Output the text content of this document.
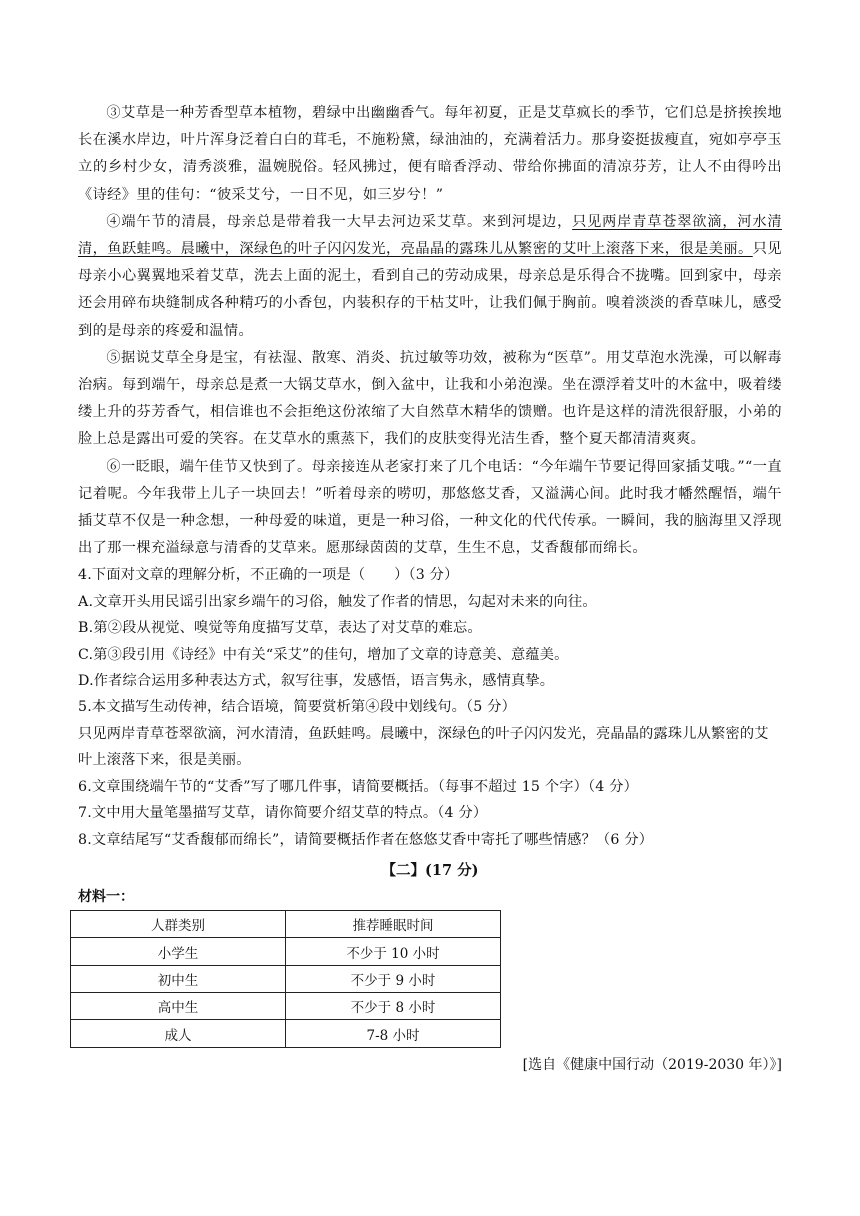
③艾草是一种芳香型草本植物，碧绿中出幽幽香气。每年初夏，正是艾草疯长的季节，它们总是挤挨挨地长在溪水岸边，叶片浑身泛着白白的茸毛，不施粉黛，绿油油的，充满着活力。那身姿挺拔瘦直，宛如亭亭玉立的乡村少女，清秀淡雅，温婉脱俗。轻风拂过，便有暗香浮动、带给你拂面的清凉芬芳，让人不由得吟出《诗经》里的佳句：“彼采艾兮，一日不见，如三岁兮！”

④端午节的清晨，母亲总是带着我一大早去河边采艾草。来到河堤边，只见两岸青草苍翠欲滴，河水清清，鱼跃蛙鸣。晨曦中，深绿色的叶子闪闪发光，亮晶晶的露珠儿从繁密的艾叶上滚落下来，很是美丽。只见母亲小心翼翼地采着艾草，洗去上面的泥土，看到自己的劳动成果，母亲总是乐得合不拢嘴。回到家中，母亲还会用碎布块缝制成各种精巧的小香包，内装积存的干枯艾叶，让我们佩于胸前。嗅着淡淡的香草味儿，感受到的是母亲的疼爱和温情。

⑤据说艾草全身是宝，有祛湿、散寒、消炎、抗过敏等功效，被称为“医草”。用艾草泡水洗澡，可以解毒治病。每到端午，母亲总是煮一大锅艾草水，倒入盆中，让我和小弟泡澡。坐在漂浮着艾叶的木盆中，吸着缕缕上升的芬芳香气，相信谁也不会拒绝这份浓缩了大自然草木精华的馈赠。也许是这样的清洗很舒服，小弟的脸上总是露出可爱的笑容。在艾草水的熏蒸下，我们的皮肤变得光洁生香，整个夏天都清清爽爽。

⑥一眨眼，端午佳节又快到了。母亲接连从老家打来了几个电话：“今年端午节要记得回家插艾哦。”“一直记着呢。今年我带上儿子一块回去！”听着母亲的唠叨，那悠悠艾香，又溢满心间。此时我才幡然醒悟，端午插艾草不仅是一种念想，一种母爱的味道，更是一种习俗，一种文化的代代传承。一瞬间，我的脑海里又浮现出了那一棵充溢绿意与清香的艾草来。愿那绿茵茵的艾草，生生不息，艾香馥郁而绵长。

4.下面对文章的理解分析，不正确的一项是（　　）（3 分）

A.文章开头用民谣引出家乡端午的习俗，触发了作者的情思，勾起对未来的向往。

B.第②段从视觉、嗅觉等角度描写艾草，表达了对艾草的难忘。

C.第③段引用《诗经》中有关“采艾”的佳句，增加了文章的诗意美、意蕴美。

D.作者综合运用多种表达方式，叙写往事，发感悟，语言隽永，感情真挚。

5.本文描写生动传神，结合语境，简要赏析第④段中划线句。（5 分）

只见两岸青草苍翠欲滴，河水清清，鱼跃蛙鸣。晨曦中，深绿色的叶子闪闪发光，亮晶晶的露珠儿从繁密的艾叶上滚落下来，很是美丽。

6.文章围绕端午节的“艾香”写了哪几件事，请简要概括。（每事不超过 15 个字）（4 分）

7.文中用大量笔墨描写艾草，请你简要介绍艾草的特点。（4 分）

8.文章结尾写“艾香馥郁而绵长”，请简要概括作者在悠悠艾香中寄托了哪些情感？（6 分）

【二】(17 分)

材料一：

人群类别	推荐睡眠时间
小学生	不少于 10 小时
初中生	不少于 9 小时
高中生	不少于 8 小时
成人	7-8 小时

[选自《健康中国行动（2019-2030 年）》]
